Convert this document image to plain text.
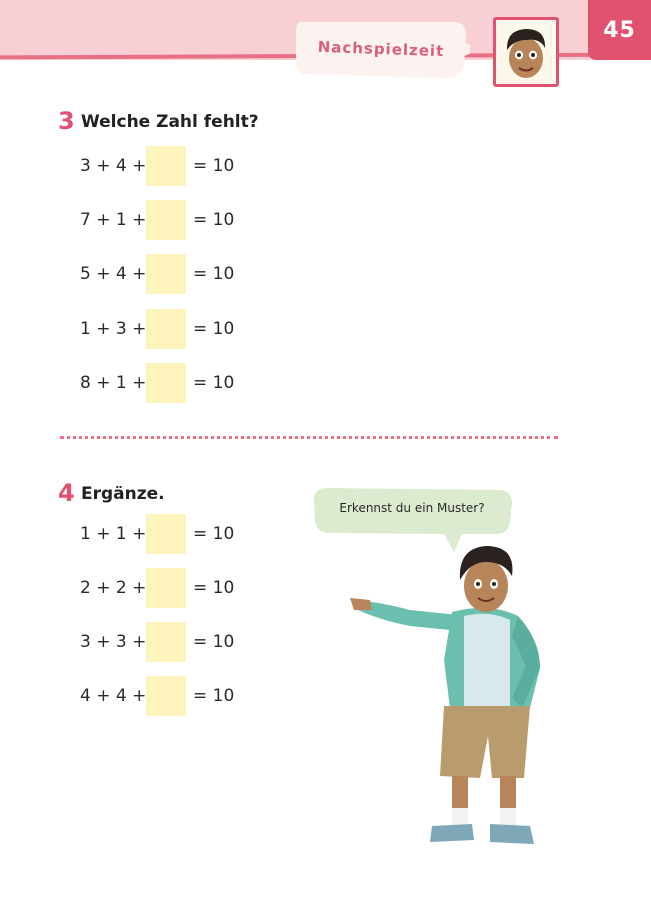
Nachspielzeit
45
3 Welche Zahl fehlt?
3 + 4 +	= 10
7 + 1 +	= 10
5 + 4 +	= 10
1 + 3 +	= 10
8 + 1 +	= 10
4 Ergänze.
1 + 1 +	= 10
2 + 2 +	= 10
3 + 3 +	= 10
4 + 4 +	= 10
Erkennst du ein Muster?
